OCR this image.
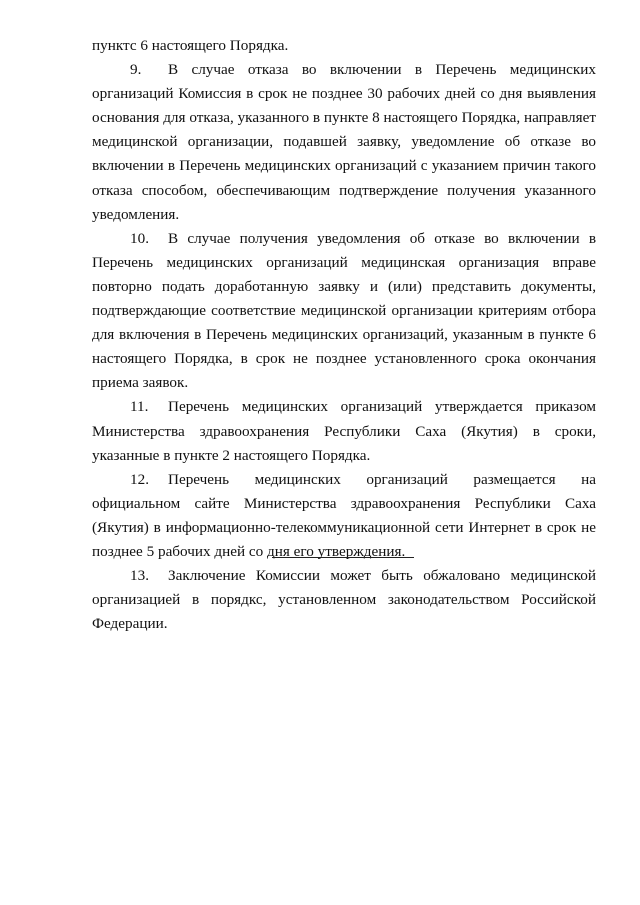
пунктс 6 настоящего Порядка.

9. В случае отказа во включении в Перечень медицинских организаций Комиссия в срок не позднее 30 рабочих дней со дня выявления основания для отказа, указанного в пункте 8 настоящего Порядка, направляет медицинской организации, подавшей заявку, уведомление об отказе во включении в Перечень медицинских организаций с указанием причин такого отказа способом, обеспечивающим подтверждение получения указанного уведомления.

10. В случае получения уведомления об отказе во включении в Перечень медицинских организаций медицинская организация вправе повторно подать доработанную заявку и (или) представить документы, подтверждающие соответствие медицинской организации критериям отбора для включения в Перечень медицинских организаций, указанным в пункте 6 настоящего Порядка, в срок не позднее установленного срока окончания приема заявок.

11. Перечень медицинских организаций утверждается приказом Министерства здравоохранения Республики Саха (Якутия) в сроки, указанные в пункте 2 настоящего Порядка.

12. Перечень медицинских организаций размещается на официальном сайте Министерства здравоохранения Республики Саха (Якутия) в информационно-телекоммуникационной сети Интернет в срок не позднее 5 рабочих дней со дня его утверждения.

13. Заключение Комиссии может быть обжаловано медицинской организацией в порядкс, установленном законодательством Российской Федерации.
